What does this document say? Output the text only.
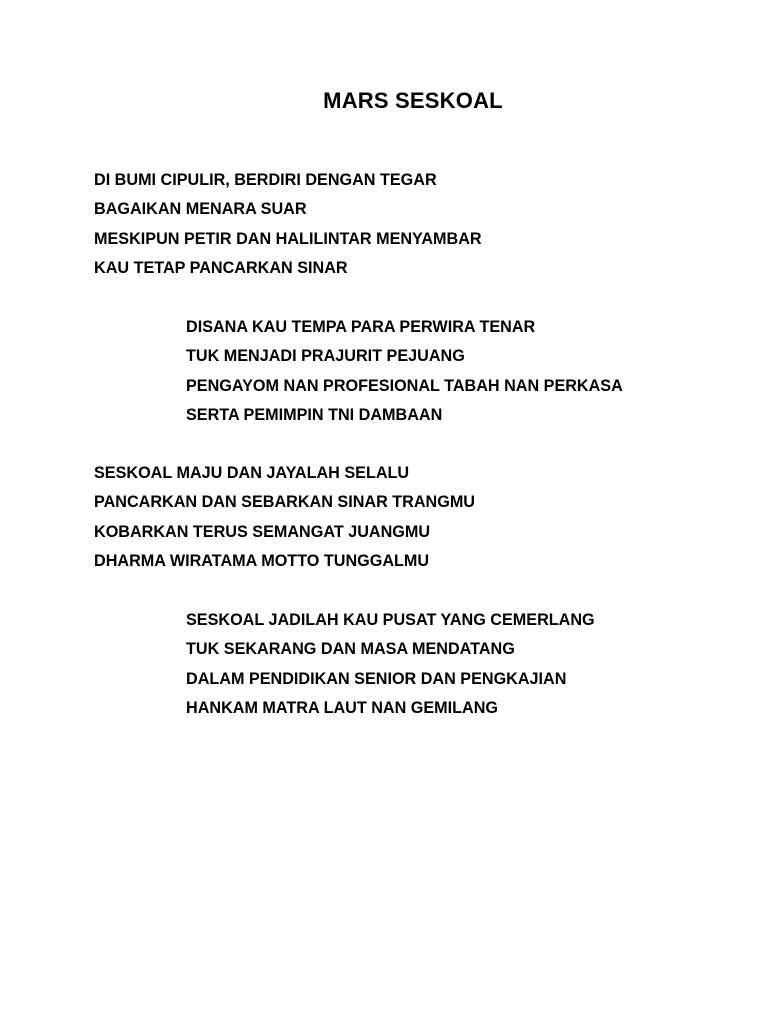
MARS SESKOAL
DI BUMI CIPULIR, BERDIRI DENGAN TEGAR
BAGAIKAN MENARA SUAR
MESKIPUN PETIR DAN HALILINTAR MENYAMBAR
KAU TETAP PANCARKAN SINAR
DISANA KAU TEMPA PARA PERWIRA TENAR
TUK MENJADI PRAJURIT PEJUANG
PENGAYOM NAN PROFESIONAL TABAH NAN PERKASA
SERTA PEMIMPIN TNI DAMBAAN
SESKOAL MAJU DAN JAYALAH SELALU
PANCARKAN DAN SEBARKAN SINAR TRANGMU
KOBARKAN TERUS SEMANGAT JUANGMU
DHARMA WIRATAMA MOTTO TUNGGALMU
SESKOAL JADILAH KAU PUSAT YANG CEMERLANG
TUK SEKARANG DAN MASA MENDATANG
DALAM PENDIDIKAN SENIOR DAN PENGKAJIAN
HANKAM MATRA LAUT NAN GEMILANG
